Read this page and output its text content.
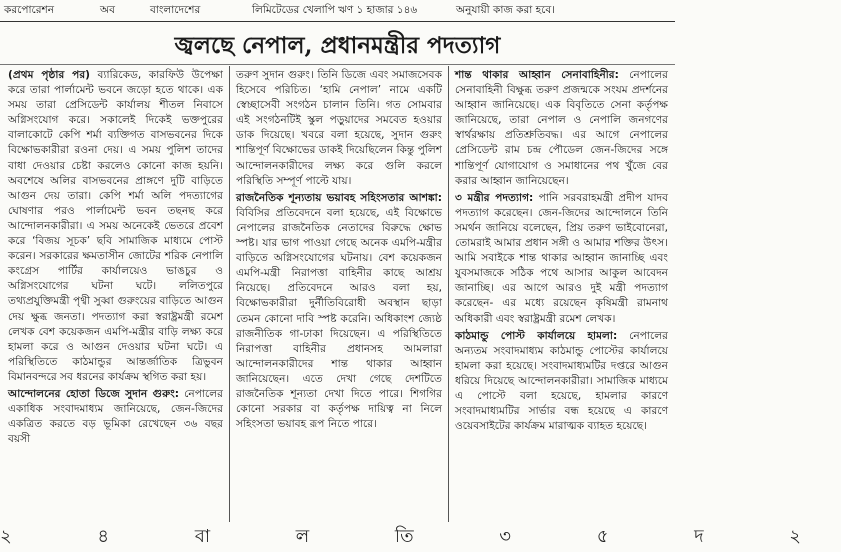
করপোরেশন	অব	বাংলাদেশের	লিমিটেডের খেলাপি ঋণ ১ হাজার ১৪৬	অনুযায়ী কাজ করা হবে।
জ্বলছে নেপাল, প্রধানমন্ত্রীর পদত্যাগ

(প্রথম পৃষ্ঠার পর) ব্যারিকেড, কারফিউ উপেক্ষা করে তারা পার্লামেন্ট ভবনে জড়ো হতে থাকে। এক সময় তারা প্রেসিডেন্ট কার্যালয় শীতল নিবাসে অগ্নিসংযোগ করে। সকালেই দিকেই ভক্তপুরের বালাকোটে কেপি শর্মা ব্যক্তিগত বাসভবনের দিকে বিক্ষোভকারীরা রওনা দেয়। এ সময় পুলিশ তাদের বাধা দেওয়ার চেষ্টা করলেও কোনো কাজ হয়নি। অবশেষে অলির বাসভবনের প্রাঙ্গণে দুটি বাড়িতে আগুন দেয় তারা। কেপি শর্মা অলি পদত্যাগের ঘোষণার পরও পার্লামেন্ট ভবন তছনছ করে আন্দোলনকারীরা। এ সময় অনেকেই ভেতরে প্রবেশ করে ‘বিজয় সূচক’ ছবি সামাজিক মাধ্যমে পোস্ট করেন। সরকারের ক্ষমতাসীন জোটের শরিক নেপালি কংগ্রেস পার্টির কার্যালয়েও ভাঙচুর ও অগ্নিসংযোগের ঘটনা ঘটে। ললিতপুরে তথ্যপ্রযুক্তিমন্ত্রী পৃথ্বী সুব্বা গুরুংয়ের বাড়িতে আগুন দেয় ক্ষুব্ধ জনতা। পদত্যাগ করা স্বরাষ্ট্রমন্ত্রী রমেশ লেখক বেশ কয়েকজন এমপি-মন্ত্রীর বাড়ি লক্ষ্য করে হামলা করে ও আগুন দেওয়ার ঘটনা ঘটে। এ পরিস্থিতিতে কাঠমান্ডুর আন্তর্জাতিক ত্রিভুবন বিমানবন্দরে সব ধরনের কার্যক্রম স্থগিত করা হয়।

আন্দোলনের হোতা ডিজে সুদান গুরুং: নেপালের একাধিক সংবাদমাধ্যম জানিয়েছে, জেন-জিদের একত্রিত করতে বড় ভূমিকা রেখেছেন ৩৬ বছর বয়সী

তরুণ সুদান গুরুং। তিনি ডিজে এবং সমাজসেবক হিসেবে পরিচিত। ‘হামি নেপাল’ নামে একটি স্বেচ্ছাসেবী সংগঠন চালান তিনি। গত সোমবার এই সংগঠনটিই স্কুল পড়ুয়াদের সমবেত হওয়ার ডাক দিয়েছে। খবরে বলা হয়েছে, সুদান গুরুং শান্তিপূর্ণ বিক্ষোভের ডাকই দিয়েছিলেন কিন্তু পুলিশ আন্দোলনকারীদের লক্ষ্য করে গুলি করলে পরিস্থিতি সম্পূর্ণ পাল্টে যায়।

রাজনৈতিক শূন্যতায় ভয়াবহ সহিংসতার আশঙ্কা: বিবিসির প্রতিবেদনে বলা হয়েছে, এই বিক্ষোভে নেপালের রাজনৈতিক নেতাদের বিরুদ্ধে ক্ষোভ স্পষ্ট। যার ভাগ পাওয়া গেছে অনেক এমপি-মন্ত্রীর বাড়িতে অগ্নিসংযোগের ঘটনায়। বেশ কয়েকজন এমপি-মন্ত্রী নিরাপত্তা বাহিনীর কাছে আশ্রয় নিয়েছে। প্রতিবেদনে আরও বলা হয়, বিক্ষোভকারীরা দুর্নীতিবিরোধী অবস্থান ছাড়া তেমন কোনো দাবি স্পষ্ট করেনি। অধিকাংশ জ্যেষ্ঠ রাজনীতিক গা-ঢাকা দিয়েছেন। এ পরিস্থিতিতে নিরাপত্তা বাহিনীর প্রধানসহ আমলারা আন্দোলনকারীদের শান্ত থাকার আহ্বান জানিয়েছেন। এতে দেখা গেছে দেশটিতে রাজনৈতিক শূন্যতা দেখা দিতে পারে। শিগগির কোনো সরকার বা কর্তৃপক্ষ দায়িত্ব না নিলে সহিংসতা ভয়াবহ রূপ নিতে পারে।

শান্ত থাকার আহ্বান সেনাবাহিনীর: নেপালের সেনাবাহিনী বিক্ষুব্ধ তরুণ প্রজন্মকে সংযম প্রদর্শনের আহ্বান জানিয়েছে। এক বিবৃতিতে সেনা কর্তৃপক্ষ জানিয়েছে, তারা নেপাল ও নেপালি জনগণের স্বার্থরক্ষায় প্রতিশ্রুতিবদ্ধ। এর আগে নেপালের প্রেসিডেন্ট রাম চন্দ্র পৌডেল জেন-জিদের সঙ্গে শান্তিপূর্ণ যোগাযোগ ও সমাধানের পথ খুঁজে বের করার আহ্বান জানিয়েছেন।

৩ মন্ত্রীর পদত্যাগ: পানি সরবরাহমন্ত্রী প্রদীপ যাদব পদত্যাগ করেছেন। জেন-জিদের আন্দোলনে তিনি সমর্থন জানিয়ে বলেছেন, প্রিয় তরুণ ভাইবোনেরা, তোমরাই আমার প্রধান সঙ্গী ও আমার শক্তির উৎস। আমি সবাইকে শান্ত থাকার আহ্বান জানাচ্ছি এবং যুবসমাজকে সঠিক পথে আসার আকুল আবেদন জানাচ্ছি। এর আগে আরও দুই মন্ত্রী পদত্যাগ করেছেন- এর মধ্যে রয়েছেন কৃষিমন্ত্রী রামনাথ অধিকারী এবং স্বরাষ্ট্রমন্ত্রী রমেশ লেখক।

কাঠমান্ডু পোস্ট কার্যালয়ে হামলা: নেপালের অন্যতম সংবাদমাধ্যম কাঠমান্ডু পোস্টের কার্যালয়ে হামলা করা হয়েছে। সংবাদমাধ্যমটির দপ্তরে আগুন ধরিয়ে দিয়েছে আন্দোলনকারীরা। সামাজিক মাধ্যমে এ পোস্টে বলা হয়েছে, হামলার কারণে সংবাদমাধ্যমটির সার্ভার বন্ধ হয়েছে এ কারণে ওয়েবসাইটের কার্যক্রম মারাত্মক ব্যাহত হয়েছে।

২ ৪ বা ল তি ৩ ৫ দ ২
